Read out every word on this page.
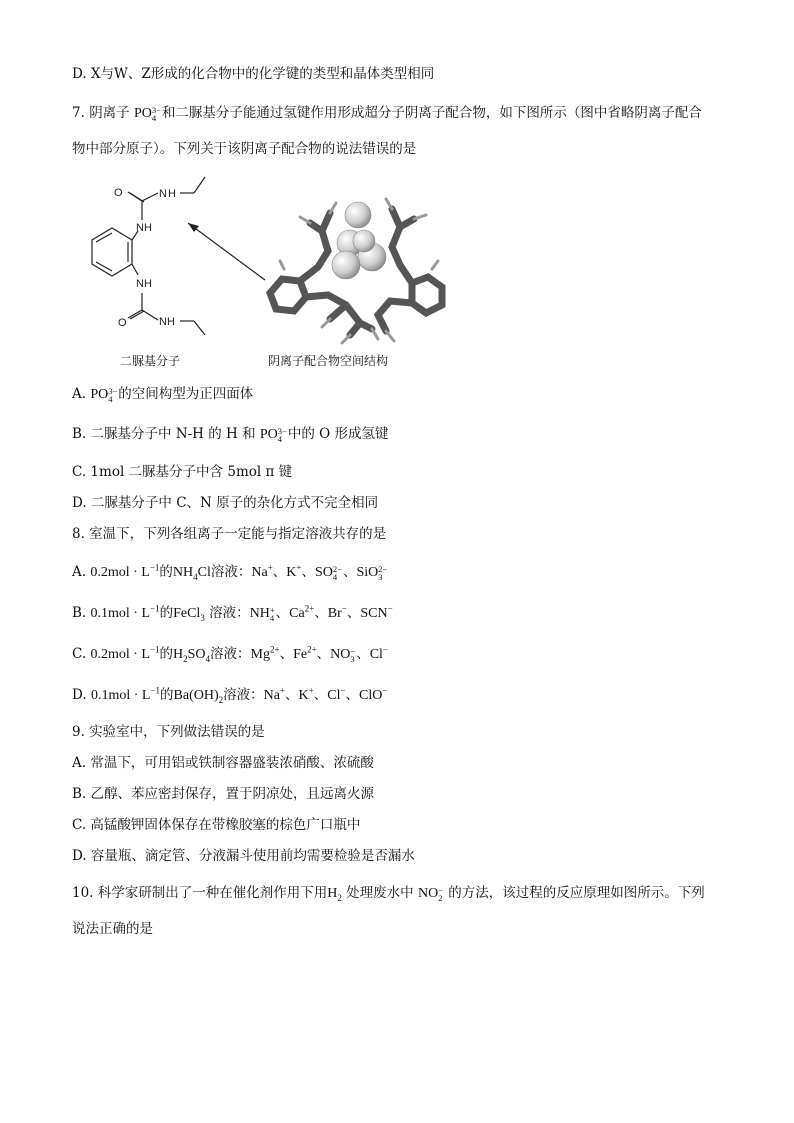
D. X与W、Z形成的化合物中的化学键的类型和晶体类型相同
7. 阴离子 PO 3−
4 和二脲基分子能通过氢键作用形成超分子阴离子配合物，如下图所示（图中省略阴离子配合
物中部分原子）。下列关于该阴离子配合物的说法错误的是
O	N H
NH
NH
O	NH
二脲基分子	阴离子配合物空间结构
A. PO 3−
4 的空间构型为正四面体
B. 二脲基分子中 N-H 的 H 和 PO 3−
4 中的 O 形成氢键
C. 1mol 二脲基分子中含 5mol π 键
D. 二脲基分子中 C、N 原子的杂化方式不完全相同
8. 室温下，下列各组离子一定能与指定溶液共存的是
A. $0.2mol \cdot L^{-1}$的$NH_4Cl$溶液：Na+、K+、SO 2−
4 、SiO 2−
3
B. $0.1mol \cdot L^{-1}$的FeCl$_3$ 溶液：NH +
4 、$Ca^{2+}$、Br−、SCN−
C. $0.2mol \cdot L^{-1}$的$H_2SO_4$溶液：$Mg^{2+}$、$Fe^{2+}$、NO −
3 、Cl−
D. $0.1mol \cdot L^{-1}$的$Ba(OH)_2$溶液：Na+、K+、Cl−、ClO−
9. 实验室中，下列做法错误的是
A. 常温下，可用铝或铁制容器盛装浓硝酸、浓硫酸
B. 乙醇、苯应密封保存，置于阴凉处，且远离火源
C. 高锰酸钾固体保存在带橡胶塞的棕色广口瓶中
D. 容量瓶、滴定管、分液漏斗使用前均需要检验是否漏水
10. 科学家研制出了一种在催化剂作用下用$H_2$ 处理废水中 NO −
2 的方法，该过程的反应原理如图所示。下列
说法正确的是
